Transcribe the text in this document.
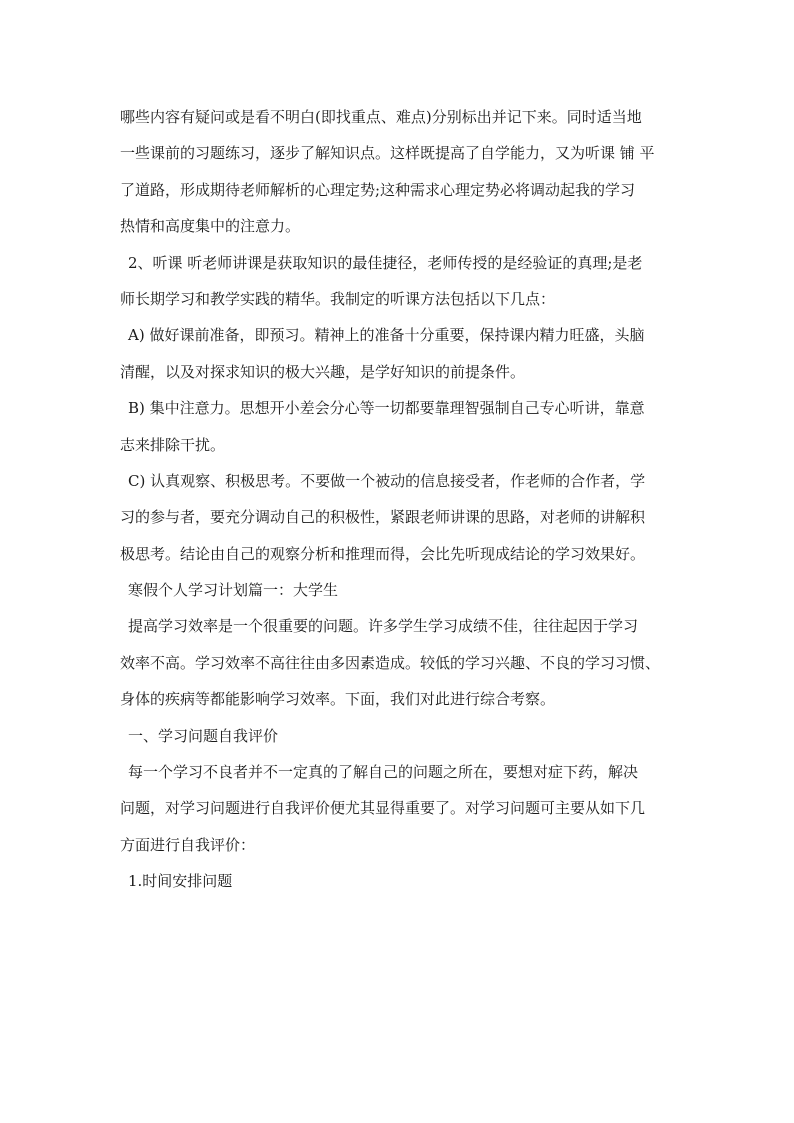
哪些内容有疑问或是看不明白(即找重点、难点)分别标出并记下来。同时适当地
一些课前的习题练习，逐步了解知识点。这样既提高了自学能力，又为听课 铺 平
了道路，形成期待老师解析的心理定势;这种需求心理定势必将调动起我的学习
热情和高度集中的注意力。
2、听课 听老师讲课是获取知识的最佳捷径，老师传授的是经验证的真理;是老
师长期学习和教学实践的精华。我制定的听课方法包括以下几点：
A) 做好课前准备，即预习。精神上的准备十分重要，保持课内精力旺盛，头脑
清醒，以及对探求知识的极大兴趣，是学好知识的前提条件。
B) 集中注意力。思想开小差会分心等一切都要靠理智强制自己专心听讲，靠意
志来排除干扰。
C) 认真观察、积极思考。不要做一个被动的信息接受者，作老师的合作者，学
习的参与者，要充分调动自己的积极性，紧跟老师讲课的思路，对老师的讲解积
极思考。结论由自己的观察分析和推理而得，会比先听现成结论的学习效果好。
寒假个人学习计划篇一：大学生
提高学习效率是一个很重要的问题。许多学生学习成绩不佳，往往起因于学习
效率不高。学习效率不高往往由多因素造成。较低的学习兴趣、不良的学习习惯、
身体的疾病等都能影响学习效率。下面，我们对此进行综合考察。
一、学习问题自我评价
每一个学习不良者并不一定真的了解自己的问题之所在，要想对症下药，解决
问题，对学习问题进行自我评价便尤其显得重要了。对学习问题可主要从如下几
方面进行自我评价：
1.时间安排问题
